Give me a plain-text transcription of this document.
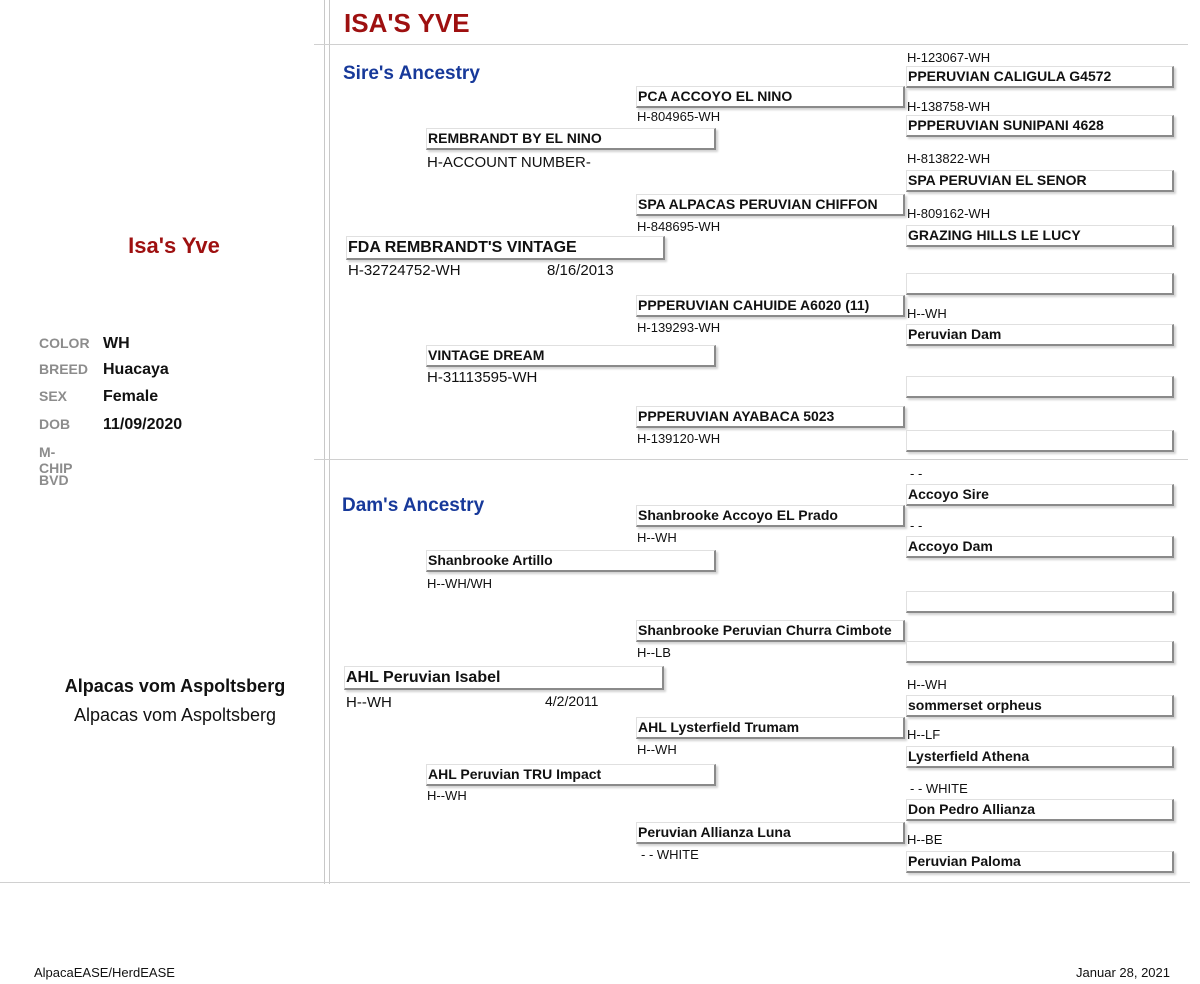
ISA'S YVE
Sire's Ancestry
Dam's Ancestry
Isa's Yve
COLOR WH
BREED Huacaya
SEX Female
DOB 11/09/2020
M-CHIP
BVD
Alpacas vom Aspoltsberg
Alpacas vom Aspoltsberg
AlpacaEASE/HerdEASE	Januar 28, 2021
FDA REMBRANDT'S VINTAGE
H-32724752-WH	8/16/2013
AHL Peruvian Isabel
H--WH	4/2/2011
REMBRANDT BY EL NINO
H-ACCOUNT NUMBER-
VINTAGE DREAM
H-31113595-WH
Shanbrooke Artillo
H--WH/WH
AHL Peruvian TRU Impact
H--WH
PCA ACCOYO EL NINO
H-804965-WH
SPA ALPACAS PERUVIAN CHIFFON
H-848695-WH
PPPERUVIAN CAHUIDE A6020 (11)
H-139293-WH
PPPERUVIAN AYABACA 5023
H-139120-WH
Shanbrooke Accoyo EL Prado
H--WH
Shanbrooke Peruvian Churra Cimbote
H--LB
AHL Lysterfield Trumam
H--WH
Peruvian Allianza Luna
- - WHITE
H-123067-WH
PPERUVIAN CALIGULA G4572
H-138758-WH
PPPERUVIAN SUNIPANI 4628
H-813822-WH
SPA PERUVIAN EL SENOR
H-809162-WH
GRAZING HILLS LE LUCY
H--WH
Peruvian Dam
- -
Accoyo Sire
- -
Accoyo Dam
H--WH
sommerset orpheus
H--LF
Lysterfield Athena
- - WHITE
Don Pedro Allianza
H--BE
Peruvian Paloma
